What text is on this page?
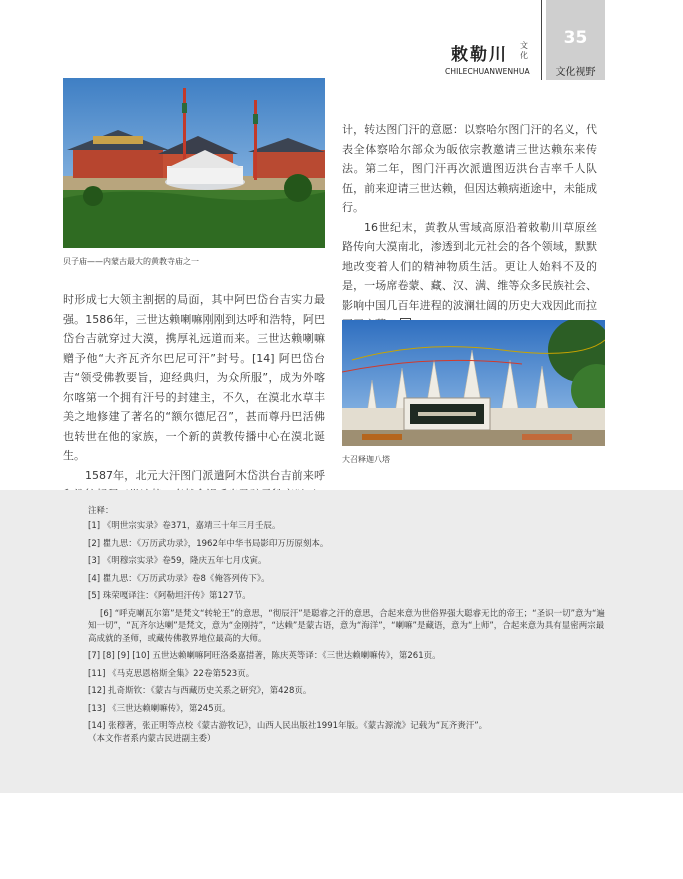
敕勒川 文化
CHILECHUANWENHUA
35
文化视野
贝子庙——内蒙古最大的黄教寺庙之一

计，转达图门汗的意愿：以察哈尔图门汗的名义，代表全体察哈尔部众为皈依宗教邀请三世达赖东来传法。第二年，图门汗再次派遣图迈洪台吉率千人队伍，前来迎请三世达赖，但因达赖病逝途中，未能成行。

16世纪末，黄教从雪域高原沿着敕勒川草原丝路传向大漠南北，渗透到北元社会的各个领域，默默地改变着人们的精神物质生活。更让人始料不及的是，一场席卷蒙、藏、汉、满、维等众多民族社会、影响中国几百年进程的波澜壮阔的历史大戏因此而拉

时形成七大领主割据的局面，其中阿巴岱台吉实力最强。1586年，三世达赖喇嘛刚刚到达呼和浩特，阿巴岱台吉就穿过大漠，携厚礼远道而来。三世达赖喇嘛赠予他“大齐瓦齐尔巴尼可汗”封号。[14] 阿巴岱台吉“领受佛教要旨，迎经典归，为众所服”，成为外喀尔喀第一个拥有汗号的封建主，不久，在漠北水草丰美之地修建了著名的“额尔德尼召”，甚而尊丹巴活佛也转世在他的家族，一个新的黄教传播中心在漠北诞生。

1587年，北元大汗图门派遣阿木岱洪台吉前来呼

大召释迦八塔
注释：
[1] 《明世宗实录》卷371，嘉靖三十年三月壬辰。
[2] 瞿九思：《万历武功录》，1962年中华书局影印万历原刻本。
[3] 《明穆宗实录》卷59，隆庆五年七月戊寅。
[4] 瞿九思：《万历武功录》卷8《俺答列传下》。
[5] 珠荣嘎译注：《阿勒坦汗传》第127节。
[6] “呼克喇瓦尔第”是梵文“转轮王”的意思，“彻辰汗”是聪睿之汗的意思，合起来意为世俗界强大聪睿无比的帝王；“圣识一切”意为“遍知一切”，“瓦齐尔达喇”是梵文，意为“金刚持”，“达赖”是蒙古语，意为“海洋”，“喇嘛”是藏语，意为“上师”，合起来意为具有显密两宗最高成就的圣师，或藏传佛教界地位最高的大师。
[7] [8] [9] [10] 五世达赖喇嘛阿旺洛桑嘉措著，陈庆英等译：《三世达赖喇嘛传》，第261页。
[11] 《马克思恩格斯全集》22卷第523页。
[12] 扎奇斯钦：《蒙古与西藏历史关系之研究》，第428页。
[13] 《三世达赖喇嘛传》，第245页。
[14] 张穆著，张正明等点校《蒙古游牧记》，山西人民出版社1991年版。《蒙古源流》记载为“瓦齐赉汗”。
（本文作者系内蒙古民进副主委）
